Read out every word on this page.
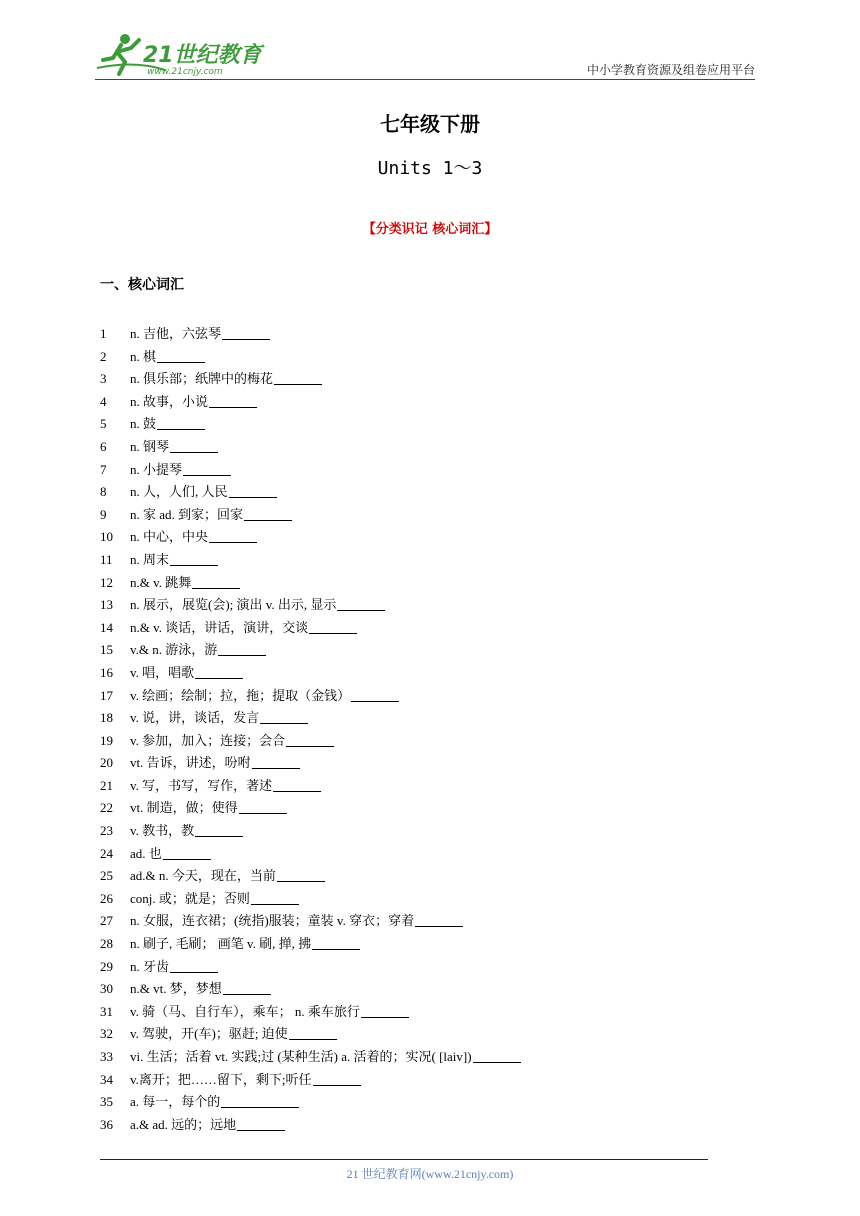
21世纪教育
www.21cnjy.com	中小学教育资源及组卷应用平台
七年级下册
Units 1～3
【分类识记 核心词汇】
一、核心词汇
1 n. 吉他，六弦琴
2 n. 棋
3 n. 俱乐部；纸牌中的梅花
4 n. 故事，小说
5 n. 鼓
6 n. 钢琴
7 n. 小提琴
8 n. 人，人们, 人民
9 n. 家 ad. 到家；回家
10 n. 中心，中央
11 n. 周末
12 n.& v. 跳舞
13 n. 展示，展览(会); 演出 v. 出示, 显示
14 n.& v. 谈话，讲话，演讲，交谈
15 v.& n. 游泳，游
16 v. 唱，唱歌
17 v. 绘画；绘制；拉，拖；提取（金钱）
18 v. 说，讲，谈话，发言
19 v. 参加，加入；连接；会合
20 vt. 告诉，讲述，吩咐
21 v. 写，书写，写作，著述
22 vt. 制造，做；使得
23 v. 教书，教
24 ad. 也
25 ad.& n. 今天，现在，当前
26 conj. 或；就是；否则
27 n. 女服，连衣裙；(统指)服装；童装 v. 穿衣；穿着
28 n. 刷子, 毛刷； 画笔 v. 刷, 掸, 拂
29 n. 牙齿
30 n.& vt. 梦，梦想
31 v. 骑（马、自行车），乘车； n. 乘车旅行
32 v. 驾驶，开(车)；驱赶; 迫使
33 vi. 生活；活着 vt. 实践;过 (某种生活) a. 活着的；实况( [laiv])
34 v.离开；把……留下，剩下;听任
35 a. 每一，每个的
36 a.& ad. 远的；远地
21 世纪教育网(www.21cnjy.com)
